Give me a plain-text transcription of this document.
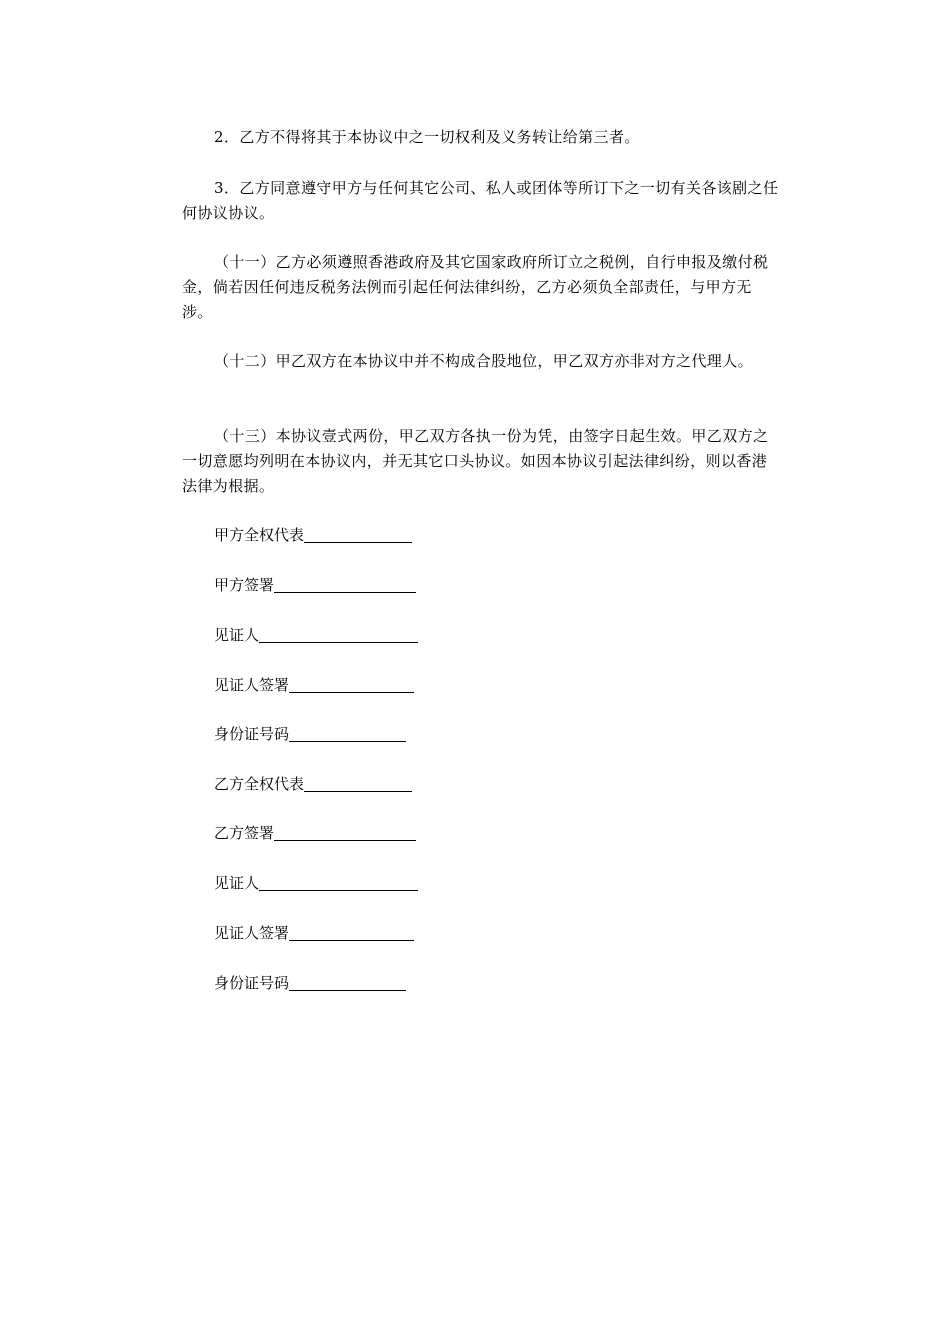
2．乙方不得将其于本协议中之一切权利及义务转让给第三者。

3．乙方同意遵守甲方与任何其它公司、私人或团体等所订下之一切有关各该剧之任何协议协议。

（十一）乙方必须遵照香港政府及其它国家政府所订立之税例，自行申报及缴付税金，倘若因任何违反税务法例而引起任何法律纠纷，乙方必须负全部责任，与甲方无涉。

（十二）甲乙双方在本协议中并不构成合股地位，甲乙双方亦非对方之代理人。

（十三）本协议壹式两份，甲乙双方各执一份为凭，由签字日起生效。甲乙双方之一切意愿均列明在本协议内，并无其它口头协议。如因本协议引起法律纠纷，则以香港法律为根据。

甲方全权代表
甲方签署
见证人
见证人签署
身份证号码
乙方全权代表
乙方签署
见证人
见证人签署
身份证号码
